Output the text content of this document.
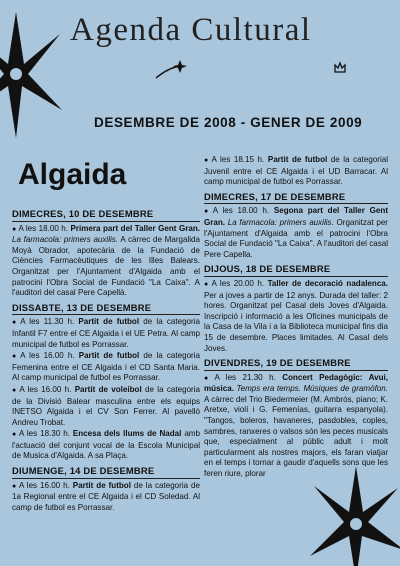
Agenda Cultural
DESEMBRE DE 2008 - GENER DE 2009
Algaida
DIMECRES, 10 DE DESEMBRE

● A les 18.00 h. Primera part del Taller Gent Gran. La farmacola: primers auxilis. A càrrec de Margalida Moyà Obrador, apotecària de la Fundació de Ciències Farmacèutiques de les Illes Balears. Organitzat per l'Ajuntament d'Algaida amb el patrocini l'Obra Social de Fundació "La Caixa". A l'auditori del casal Pere Capellà.

DISSABTE, 13 DE DESEMBRE

● A les 11.30 h. Partit de futbol de la categoria Infantil F7 entre el CE Algaida i el UE Petra. Al camp municipal de futbol es Porrassar.

● A les 16.00 h. Partit de futbol de la categoria Femenina entre el CE Algaida i el CD Santa Maria. Al camp municipal de futbol es Porrassar.

● A les 16.00 h. Partit de voleibol de la categoria de la Divisió Balear masculina entre els equips INETSO Algaida i el CV Son Ferrer. Al pavelló Andreu Trobat.

● A les 18.30 h. Encesa dels llums de Nadal amb l'actuació del conjunt vocal de la Escola Municipal de Musica d'Algaida. A sa Plaça.

DIUMENGE, 14 DE DESEMBRE

● A les 16.00 h. Partit de futbol de la categoria de 1a Regional entre el CE Algaida i el CD Soledad. Al camp de futbol es Porrassar.

● A les 18.15 h. Partit de futbol de la categorial Juvenil entre el CE Algaida i el UD Barracar. Al camp municipal de futbol es Porrassar.

DIMECRES, 17 DE DESEMBRE

● A les 18.00 h. Segona part del Taller Gent Gran. La farmacola: primers auxilis. Organitzat per l'Ajuntament d'Algaida amb el patrocini l'Obra Social de Fundació "La Caixa". A l'auditori del casal Pere Capella.

DIJOUS, 18 DE DESEMBRE

● A les 20.00 h. Taller de decoració nadalenca. Per a joves a partir de 12 anys. Durada del taller: 2 hores. Organitzat pel Casal dels Joves d'Algaida. Inscripció i informació a les Oficines municipals de la Casa de la Vila i a la Biblioteca municipal fins dia 15 de desembre. Places limitades. Al Casal dels Joves.

DIVENDRES, 19 DE DESEMBRE

● A les 21.30 h. Concert Pedagògic: Avui, música. Temps era temps. Músiques de gramòfon. A càrrec del Trio Biedermeier (M. Ambrós, piano; K. Aretxe, violí i G. Femenías, guitarra espanyola). "Tangos, boleros, havaneres, pasdobles, coples, sambres, ranxeres o valsos són les peces musicals que, especialment al públic adult i molt particularment als nostres majors, els faran viatjar en el temps i tornar a gaudir d'aquells sons que les feren riure, plorar
